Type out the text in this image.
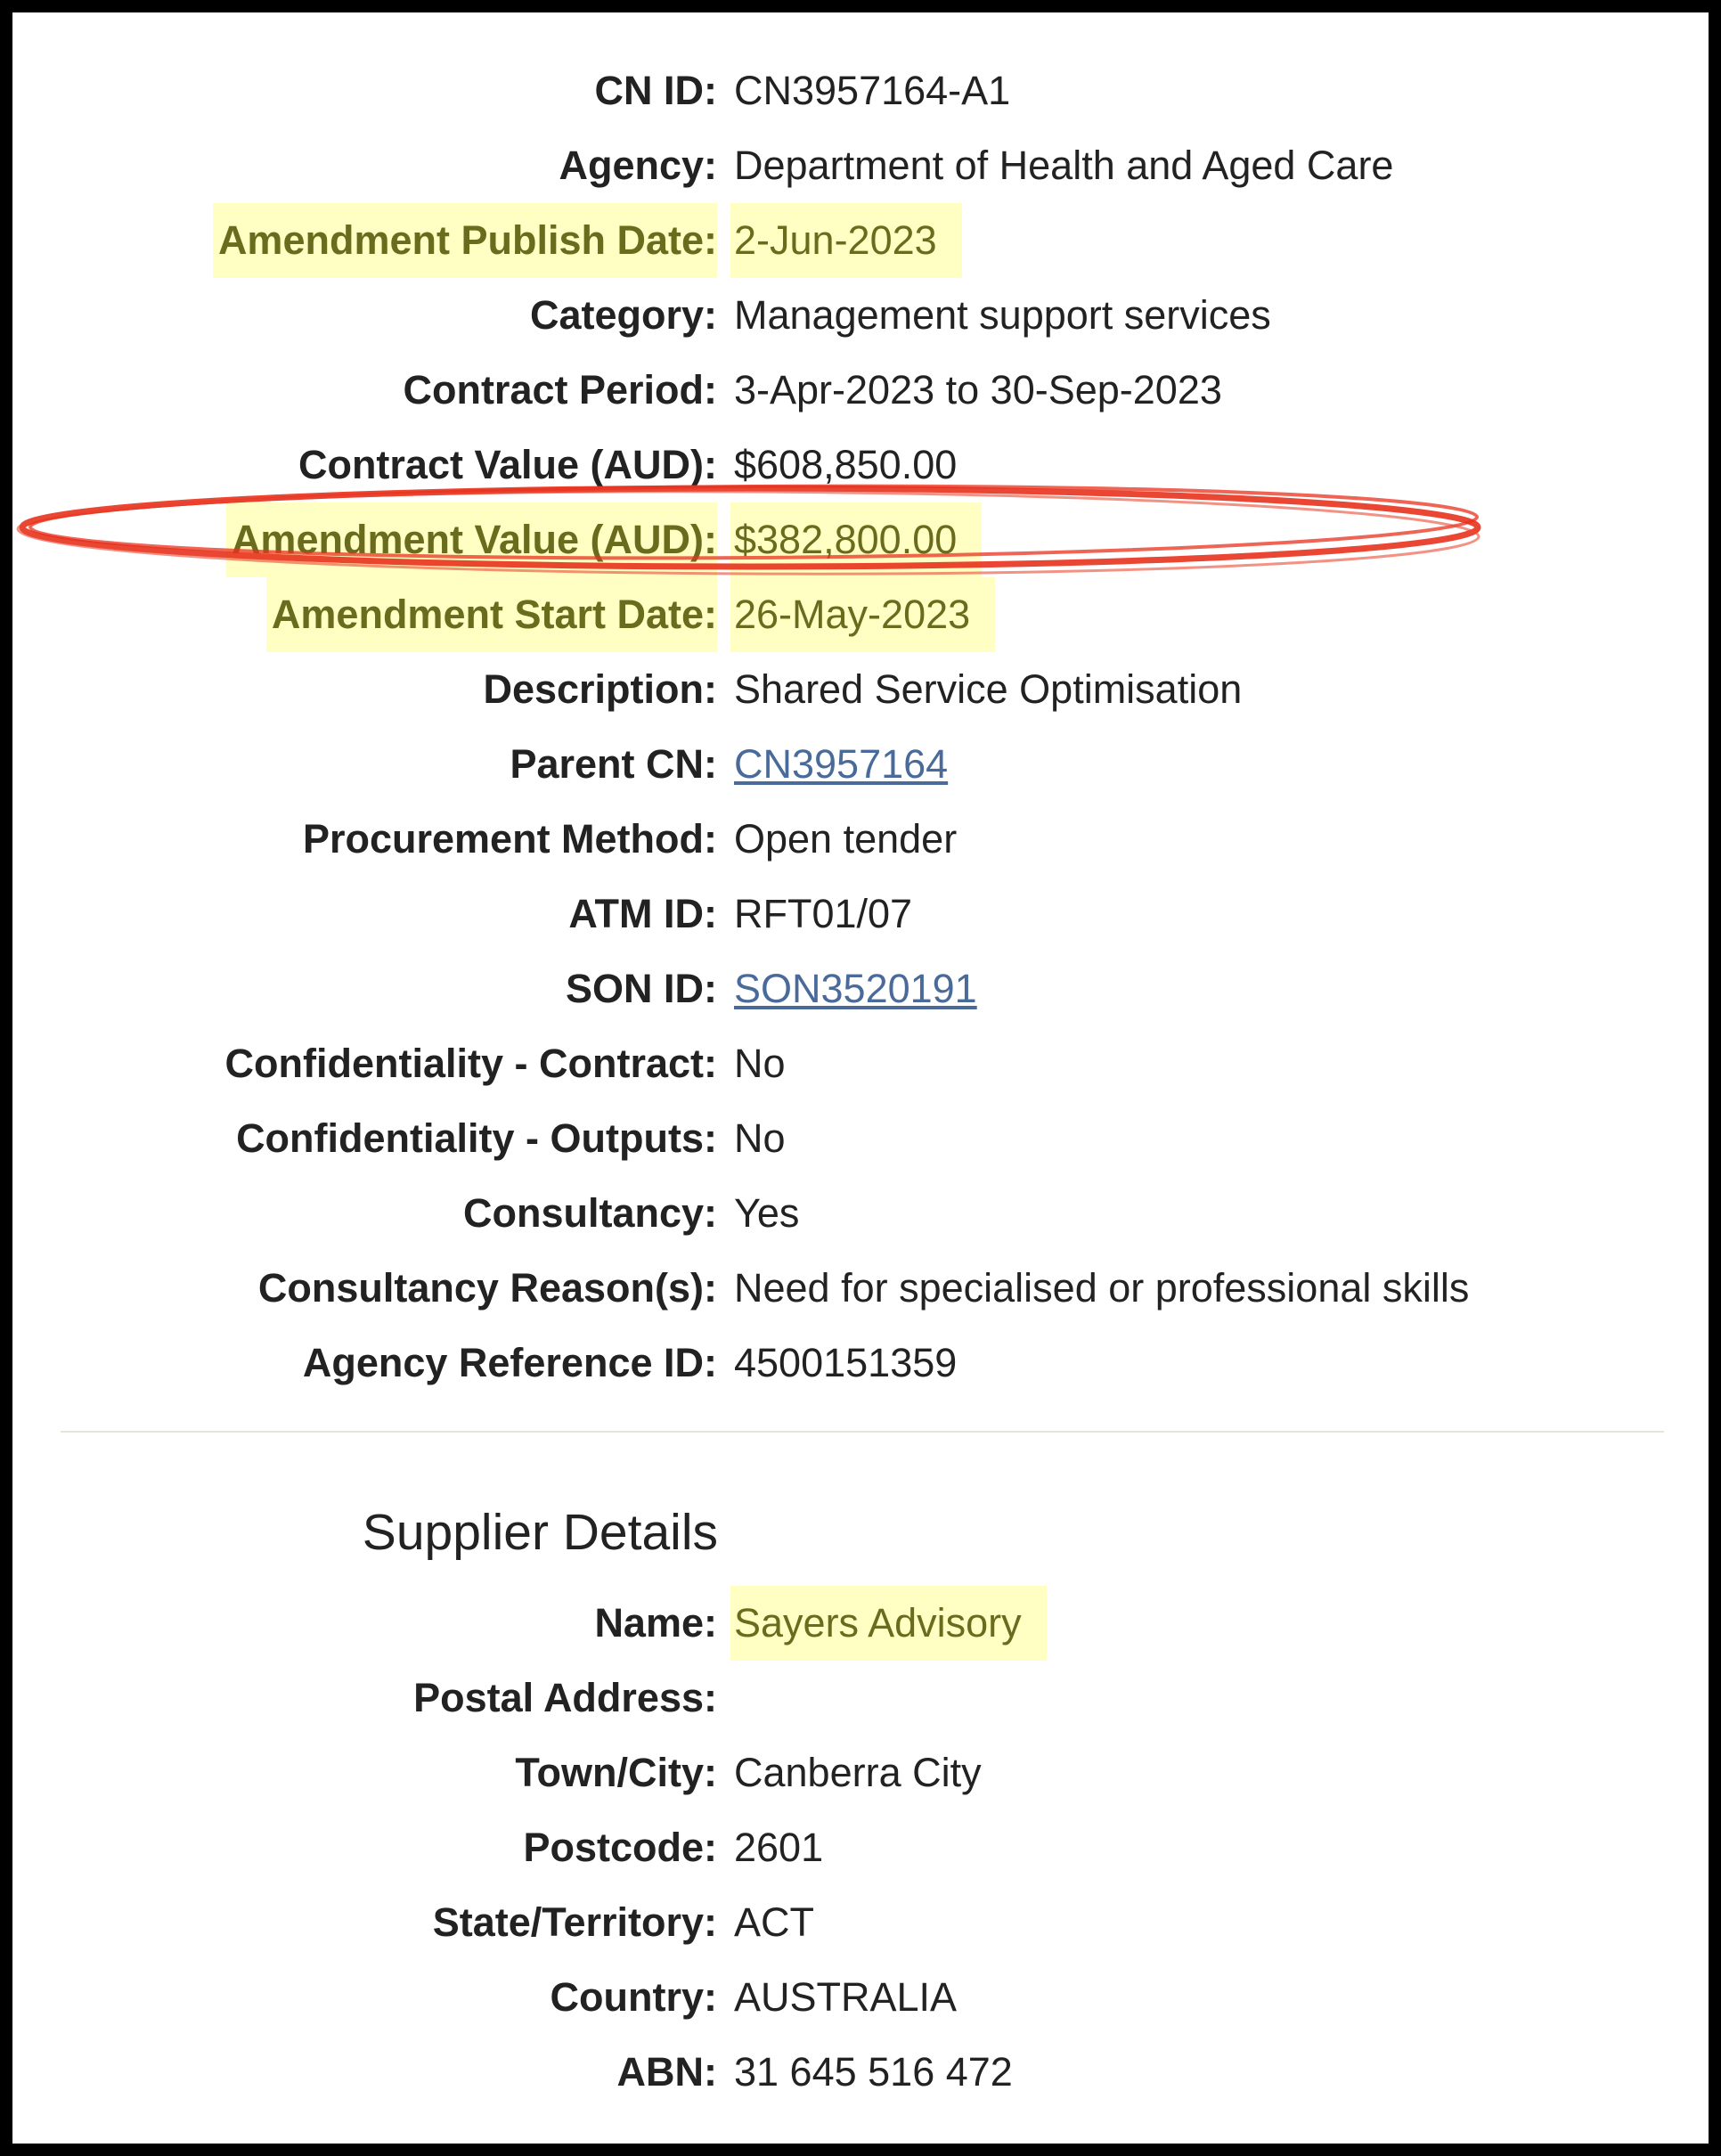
CN ID: CN3957164-A1
Agency: Department of Health and Aged Care
Amendment Publish Date: 2-Jun-2023
Category: Management support services
Contract Period: 3-Apr-2023 to 30-Sep-2023
Contract Value (AUD): $608,850.00
Amendment Value (AUD): $382,800.00
Amendment Start Date: 26-May-2023
Description: Shared Service Optimisation
Parent CN: CN3957164
Procurement Method: Open tender
ATM ID: RFT01/07
SON ID: SON3520191
Confidentiality - Contract: No
Confidentiality - Outputs: No
Consultancy: Yes
Consultancy Reason(s): Need for specialised or professional skills
Agency Reference ID: 4500151359
Supplier Details
Name: Sayers Advisory
Postal Address:
Town/City: Canberra City
Postcode: 2601
State/Territory: ACT
Country: AUSTRALIA
ABN: 31 645 516 472
